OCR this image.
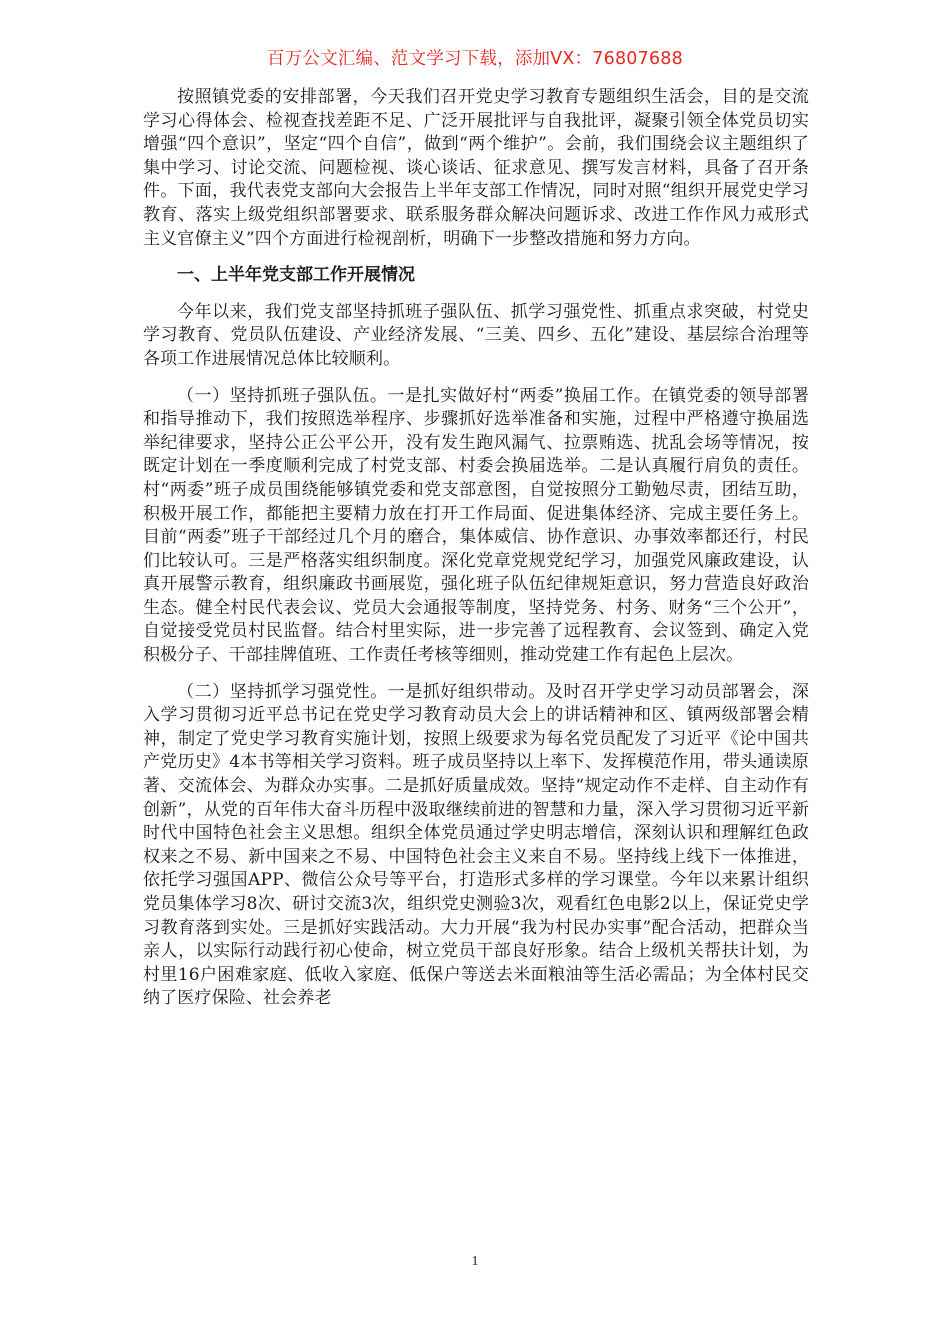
百万公文汇编、范文学习下载，添加VX：76807688

按照镇党委的安排部署，今天我们召开党史学习教育专题组织生活会，目的是交流学习心得体会、检视查找差距不足、广泛开展批评与自我批评，凝聚引领全体党员切实增强“四个意识”，坚定“四个自信”，做到“两个维护”。会前，我们围绕会议主题组织了集中学习、讨论交流、问题检视、谈心谈话、征求意见、撰写发言材料，具备了召开条件。下面，我代表党支部向大会报告上半年支部工作情况，同时对照“组织开展党史学习教育、落实上级党组织部署要求、联系服务群众解决问题诉求、改进工作作风力戒形式主义官僚主义”四个方面进行检视剖析，明确下一步整改措施和努力方向。

一、上半年党支部工作开展情况

今年以来，我们党支部坚持抓班子强队伍、抓学习强党性、抓重点求突破，村党史学习教育、党员队伍建设、产业经济发展、“三美、四乡、五化”建设、基层综合治理等各项工作进展情况总体比较顺利。

（一）坚持抓班子强队伍。一是扎实做好村“两委”换届工作。在镇党委的领导部署和指导推动下，我们按照选举程序、步骤抓好选举准备和实施，过程中严格遵守换届选举纪律要求，坚持公正公平公开，没有发生跑风漏气、拉票贿选、扰乱会场等情况，按既定计划在一季度顺利完成了村党支部、村委会换届选举。二是认真履行肩负的责任。村“两委”班子成员围绕能够镇党委和党支部意图，自觉按照分工勤勉尽责，团结互助，积极开展工作，都能把主要精力放在打开工作局面、促进集体经济、完成主要任务上。目前“两委”班子干部经过几个月的磨合，集体威信、协作意识、办事效率都还行，村民们比较认可。三是严格落实组织制度。深化党章党规党纪学习，加强党风廉政建设，认真开展警示教育，组织廉政书画展览，强化班子队伍纪律规矩意识，努力营造良好政治生态。健全村民代表会议、党员大会通报等制度，坚持党务、村务、财务“三个公开”，自觉接受党员村民监督。结合村里实际，进一步完善了远程教育、会议签到、确定入党积极分子、干部挂牌值班、工作责任考核等细则，推动党建工作有起色上层次。

（二）坚持抓学习强党性。一是抓好组织带动。及时召开学史学习动员部署会，深入学习贯彻习近平总书记在党史学习教育动员大会上的讲话精神和区、镇两级部署会精神，制定了党史学习教育实施计划，按照上级要求为每名党员配发了习近平《论中国共产党历史》4本书等相关学习资料。班子成员坚持以上率下、发挥模范作用，带头通读原著、交流体会、为群众办实事。二是抓好质量成效。坚持“规定动作不走样、自主动作有创新”，从党的百年伟大奋斗历程中汲取继续前进的智慧和力量，深入学习贯彻习近平新时代中国特色社会主义思想。组织全体党员通过学史明志增信，深刻认识和理解红色政权来之不易、新中国来之不易、中国特色社会主义来自不易。坚持线上线下一体推进，依托学习强国APP、微信公众号等平台，打造形式多样的学习课堂。今年以来累计组织党员集体学习8次、研讨交流3次，组织党史测验3次，观看红色电影2以上，保证党史学习教育落到实处。三是抓好实践活动。大力开展“我为村民办实事”配合活动，把群众当亲人，以实际行动践行初心使命，树立党员干部良好形象。结合上级机关帮扶计划，为村里16户困难家庭、低收入家庭、低保户等送去米面粮油等生活必需品；为全体村民交纳了医疗保险、社会养老

1
